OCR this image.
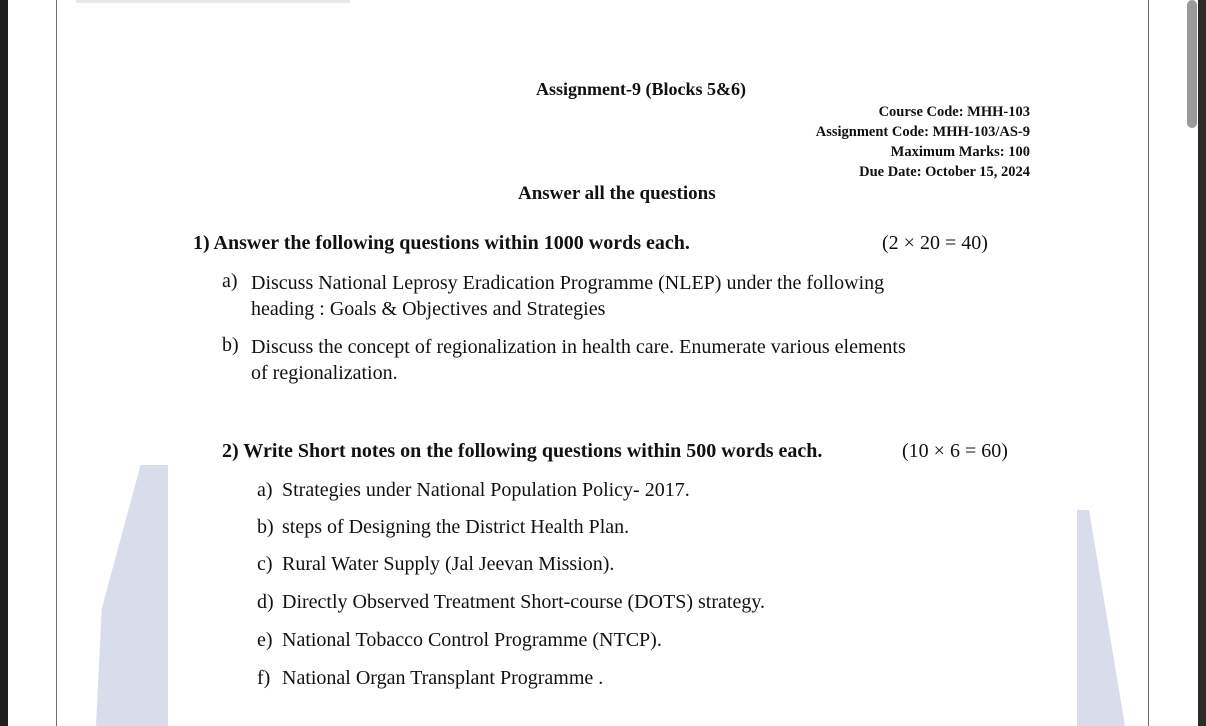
Assignment-9 (Blocks 5&6)
Course Code: MHH-103
Assignment Code: MHH-103/AS-9
Maximum Marks: 100
Due Date: October 15, 2024
Answer all the questions
1) Answer the following questions within 1000 words each.	(2 × 20 = 40)
a) Discuss National Leprosy Eradication Programme (NLEP) under the following
heading : Goals & Objectives and Strategies
b) Discuss the concept of regionalization in health care. Enumerate various elements
of regionalization.
2) Write Short notes on the following questions within 500 words each.	(10 × 6 = 60)
a) Strategies under National Population Policy- 2017.
b) steps of Designing the District Health Plan.
c) Rural Water Supply (Jal Jeevan Mission).
d) Directly Observed Treatment Short-course (DOTS) strategy.
e) National Tobacco Control Programme (NTCP).
f) National Organ Transplant Programme .
